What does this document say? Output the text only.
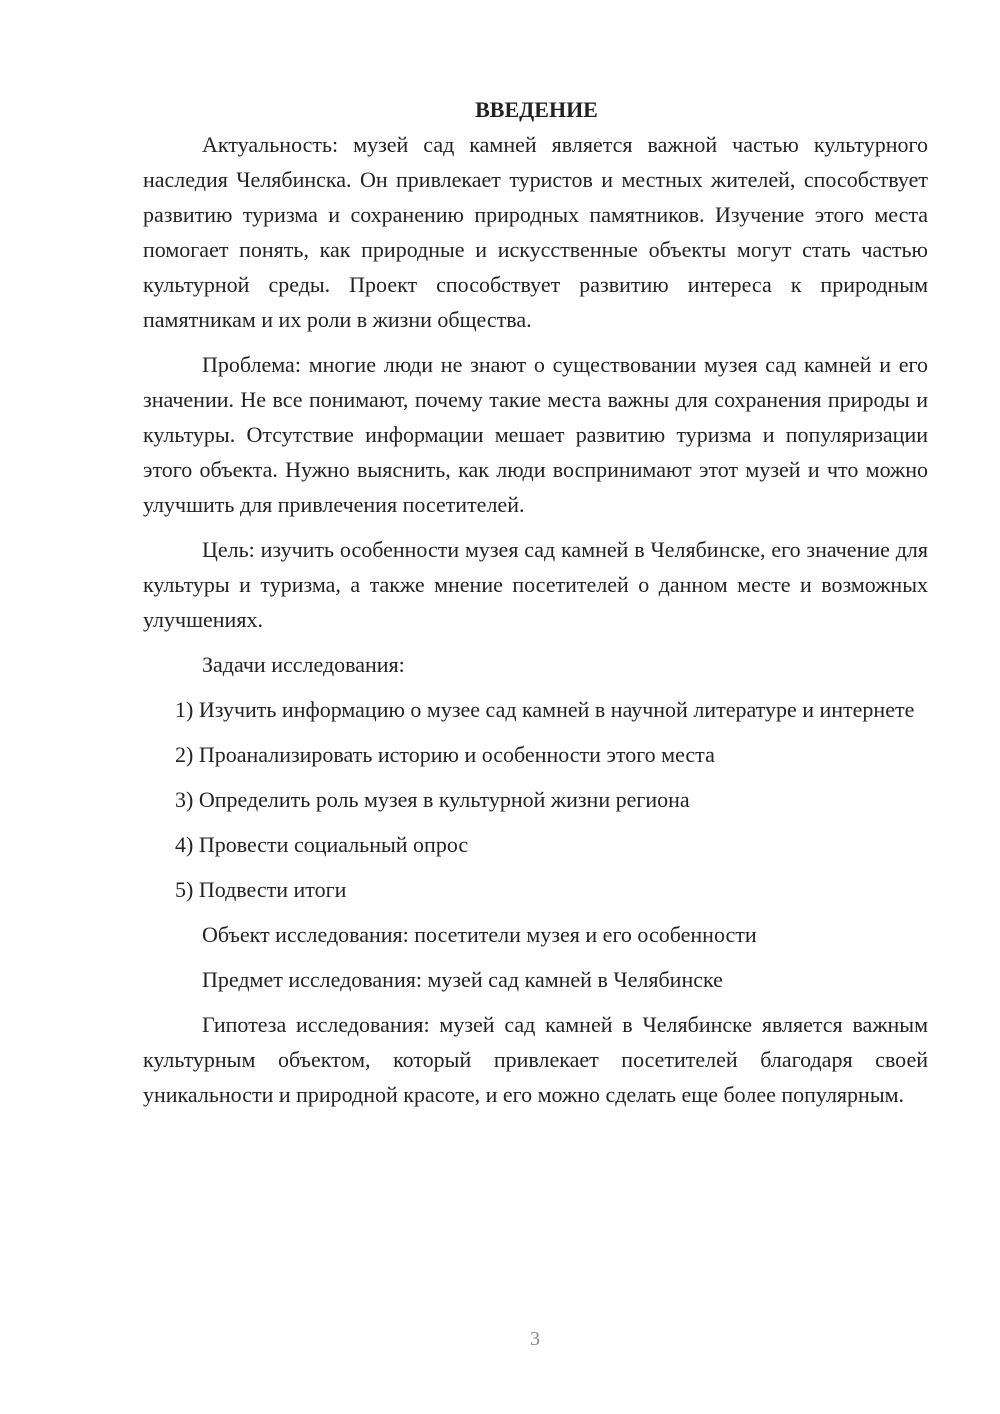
ВВЕДЕНИЕ

Актуальность: музей сад камней является важной частью культурного наследия Челябинска. Он привлекает туристов и местных жителей, способствует развитию туризма и сохранению природных памятников. Изучение этого места помогает понять, как природные и искусственные объекты могут стать частью культурной среды. Проект способствует развитию интереса к природным памятникам и их роли в жизни общества.

Проблема: многие люди не знают о существовании музея сад камней и его значении. Не все понимают, почему такие места важны для сохранения природы и культуры. Отсутствие информации мешает развитию туризма и популяризации этого объекта. Нужно выяснить, как люди воспринимают этот музей и что можно улучшить для привлечения посетителей.

Цель: изучить особенности музея сад камней в Челябинске, его значение для культуры и туризма, а также мнение посетителей о данном месте и возможных улучшениях.

Задачи исследования:

1) Изучить информацию о музее сад камней в научной литературе и интернете

2) Проанализировать историю и особенности этого места

3) Определить роль музея в культурной жизни региона

4) Провести социальный опрос

5) Подвести итоги

Объект исследования: посетители музея и его особенности

Предмет исследования: музей сад камней в Челябинске

Гипотеза исследования: музей сад камней в Челябинске является важным культурным объектом, который привлекает посетителей благодаря своей уникальности и природной красоте, и его можно сделать еще более популярным.

3
